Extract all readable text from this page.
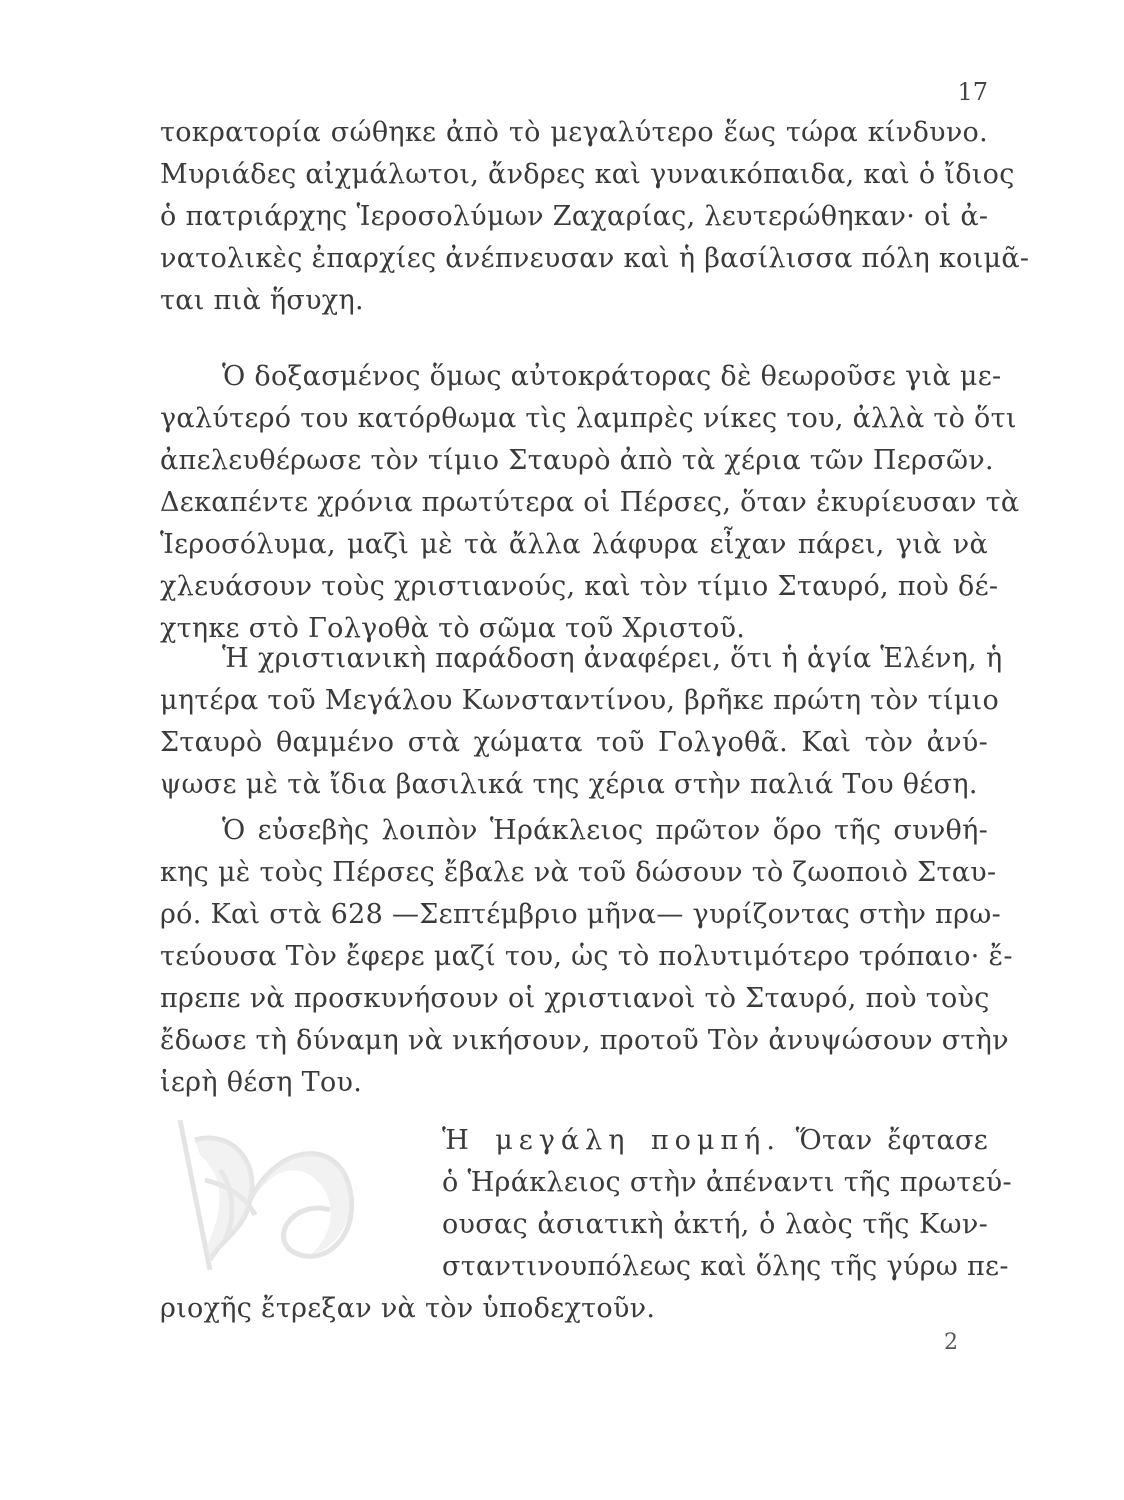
17
τοκρατορία σώθηκε ἀπὸ τὸ μεγαλύτερο ἕως τώρα κίνδυνο.
Μυριάδες αἰχμάλωτοι, ἄνδρες καὶ γυναικόπαιδα, καὶ ὁ ἴδιος
ὁ πατριάρχης Ἱεροσολύμων Ζαχαρίας, λευτερώθηκαν· οἱ ἀ-
νατολικὲς ἐπαρχίες ἀνέπνευσαν καὶ ἡ βασίλισσα πόλη κοιμᾶ-
ται πιὰ ἥσυχη.
Ὁ δοξασμένος ὅμως αὐτοκράτορας δὲ θεωροῦσε γιὰ με-
γαλύτερό του κατόρθωμα τὶς λαμπρὲς νίκες του, ἀλλὰ τὸ ὅτι
ἀπελευθέρωσε τὸν τίμιο Σταυρὸ ἀπὸ τὰ χέρια τῶν Περσῶν.
Δεκαπέντε χρόνια πρωτύτερα οἱ Πέρσες, ὅταν ἐκυρίευσαν τὰ
Ἱεροσόλυμα, μαζὶ μὲ τὰ ἄλλα λάφυρα εἶχαν πάρει, γιὰ νὰ
χλευάσουν τοὺς χριστιανούς, καὶ τὸν τίμιο Σταυρό, ποὺ δέ-
χτηκε στὸ Γολγοθὰ τὸ σῶμα τοῦ Χριστοῦ.
Ἡ χριστιανικὴ παράδοση ἀναφέρει, ὅτι ἡ ἁγία Ἑλένη, ἡ
μητέρα τοῦ Μεγάλου Κωνσταντίνου, βρῆκε πρώτη τὸν τίμιο
Σταυρὸ θαμμένο στὰ χώματα τοῦ Γολγοθᾶ. Καὶ τὸν ἀνύ-
ψωσε μὲ τὰ ἴδια βασιλικά της χέρια στὴν παλιά Του θέση.
Ὁ εὐσεβὴς λοιπὸν Ἡράκλειος πρῶτον ὅρο τῆς συνθή-
κης μὲ τοὺς Πέρσες ἔβαλε νὰ τοῦ δώσουν τὸ ζωοποιὸ Σταυ-
ρό. Καὶ στὰ 628 —Σεπτέμβριο μῆνα— γυρίζοντας στὴν πρω-
τεύουσα Τὸν ἔφερε μαζί του, ὡς τὸ πολυτιμότερο τρόπαιο· ἔ-
πρεπε νὰ προσκυνήσουν οἱ χριστιανοὶ τὸ Σταυρό, ποὺ τοὺς
ἔδωσε τὴ δύναμη νὰ νικήσουν, προτοῦ Τὸν ἀνυψώσουν στὴν
ἱερὴ θέση Του.
Ἡ μεγάλη πομπή. Ὅταν ἔφτασε
ὁ Ἡράκλειος στὴν ἀπέναντι τῆς πρωτεύ-
ουσας ἀσιατικὴ ἀκτή, ὁ λαὸς τῆς Κων-
σταντινουπόλεως καὶ ὅλης τῆς γύρω πε-
ριοχῆς ἔτρεξαν νὰ τὸν ὑποδεχτοῦν.
2
